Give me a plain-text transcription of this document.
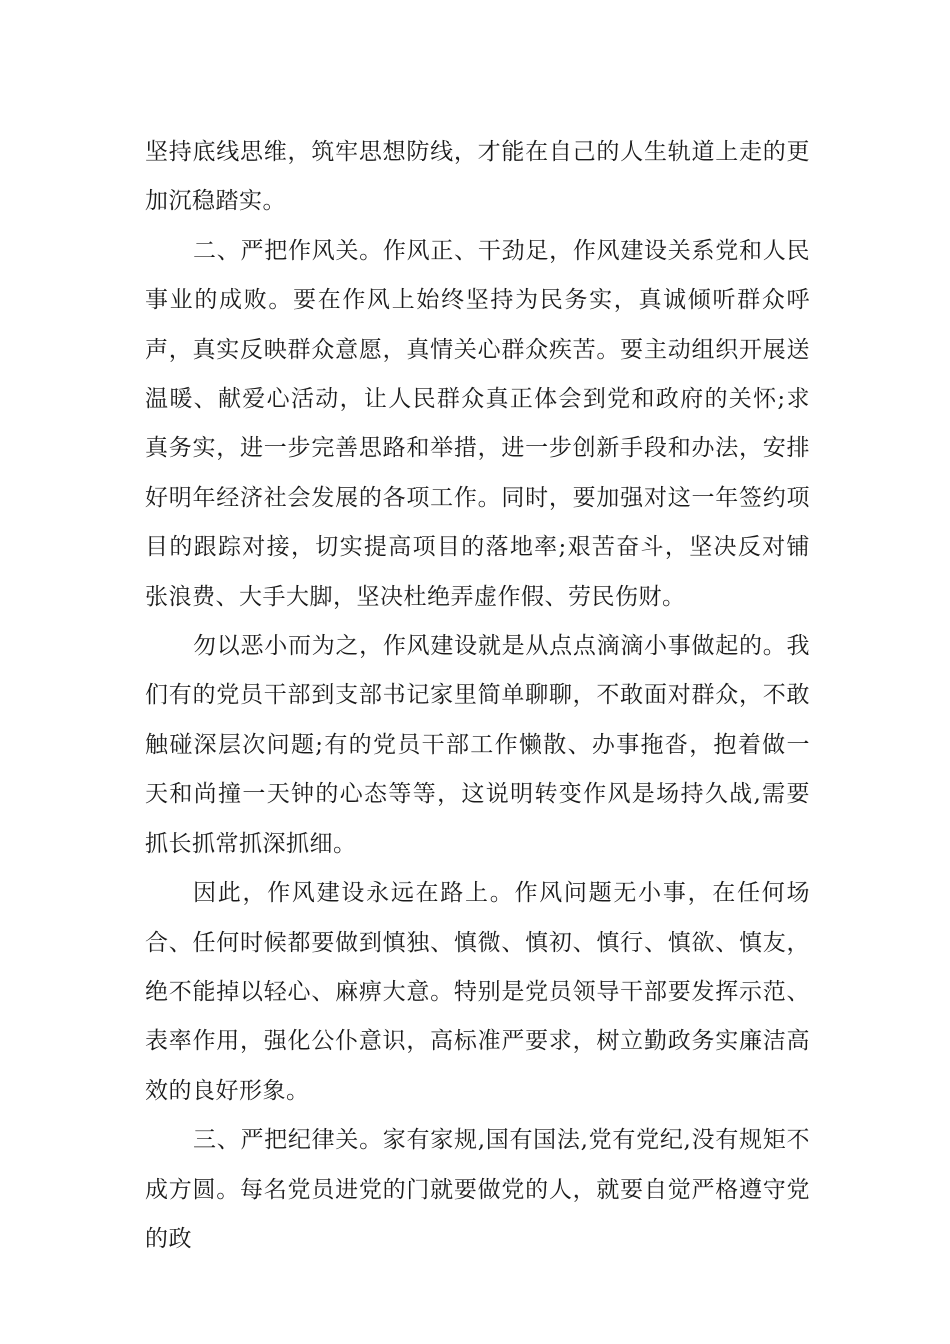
坚持底线思维，筑牢思想防线，才能在自己的人生轨道上走的更加沉稳踏实。

二、严把作风关。作风正、干劲足，作风建设关系党和人民事业的成败。要在作风上始终坚持为民务实，真诚倾听群众呼声，真实反映群众意愿，真情关心群众疾苦。要主动组织开展送温暖、献爱心活动，让人民群众真正体会到党和政府的关怀;求真务实，进一步完善思路和举措，进一步创新手段和办法，安排好明年经济社会发展的各项工作。同时，要加强对这一年签约项目的跟踪对接，切实提高项目的落地率;艰苦奋斗，坚决反对铺张浪费、大手大脚，坚决杜绝弄虚作假、劳民伤财。

勿以恶小而为之，作风建设就是从点点滴滴小事做起的。我们有的党员干部到支部书记家里简单聊聊，不敢面对群众，不敢触碰深层次问题;有的党员干部工作懒散、办事拖沓，抱着做一天和尚撞一天钟的心态等等，这说明转变作风是场持久战,需要抓长抓常抓深抓细。

因此，作风建设永远在路上。作风问题无小事，在任何场合、任何时候都要做到慎独、慎微、慎初、慎行、慎欲、慎友，绝不能掉以轻心、麻痹大意。特别是党员领导干部要发挥示范、表率作用，强化公仆意识，高标准严要求，树立勤政务实廉洁高效的良好形象。

三、严把纪律关。家有家规,国有国法,党有党纪,没有规矩不成方圆。每名党员进党的门就要做党的人，就要自觉严格遵守党的政
